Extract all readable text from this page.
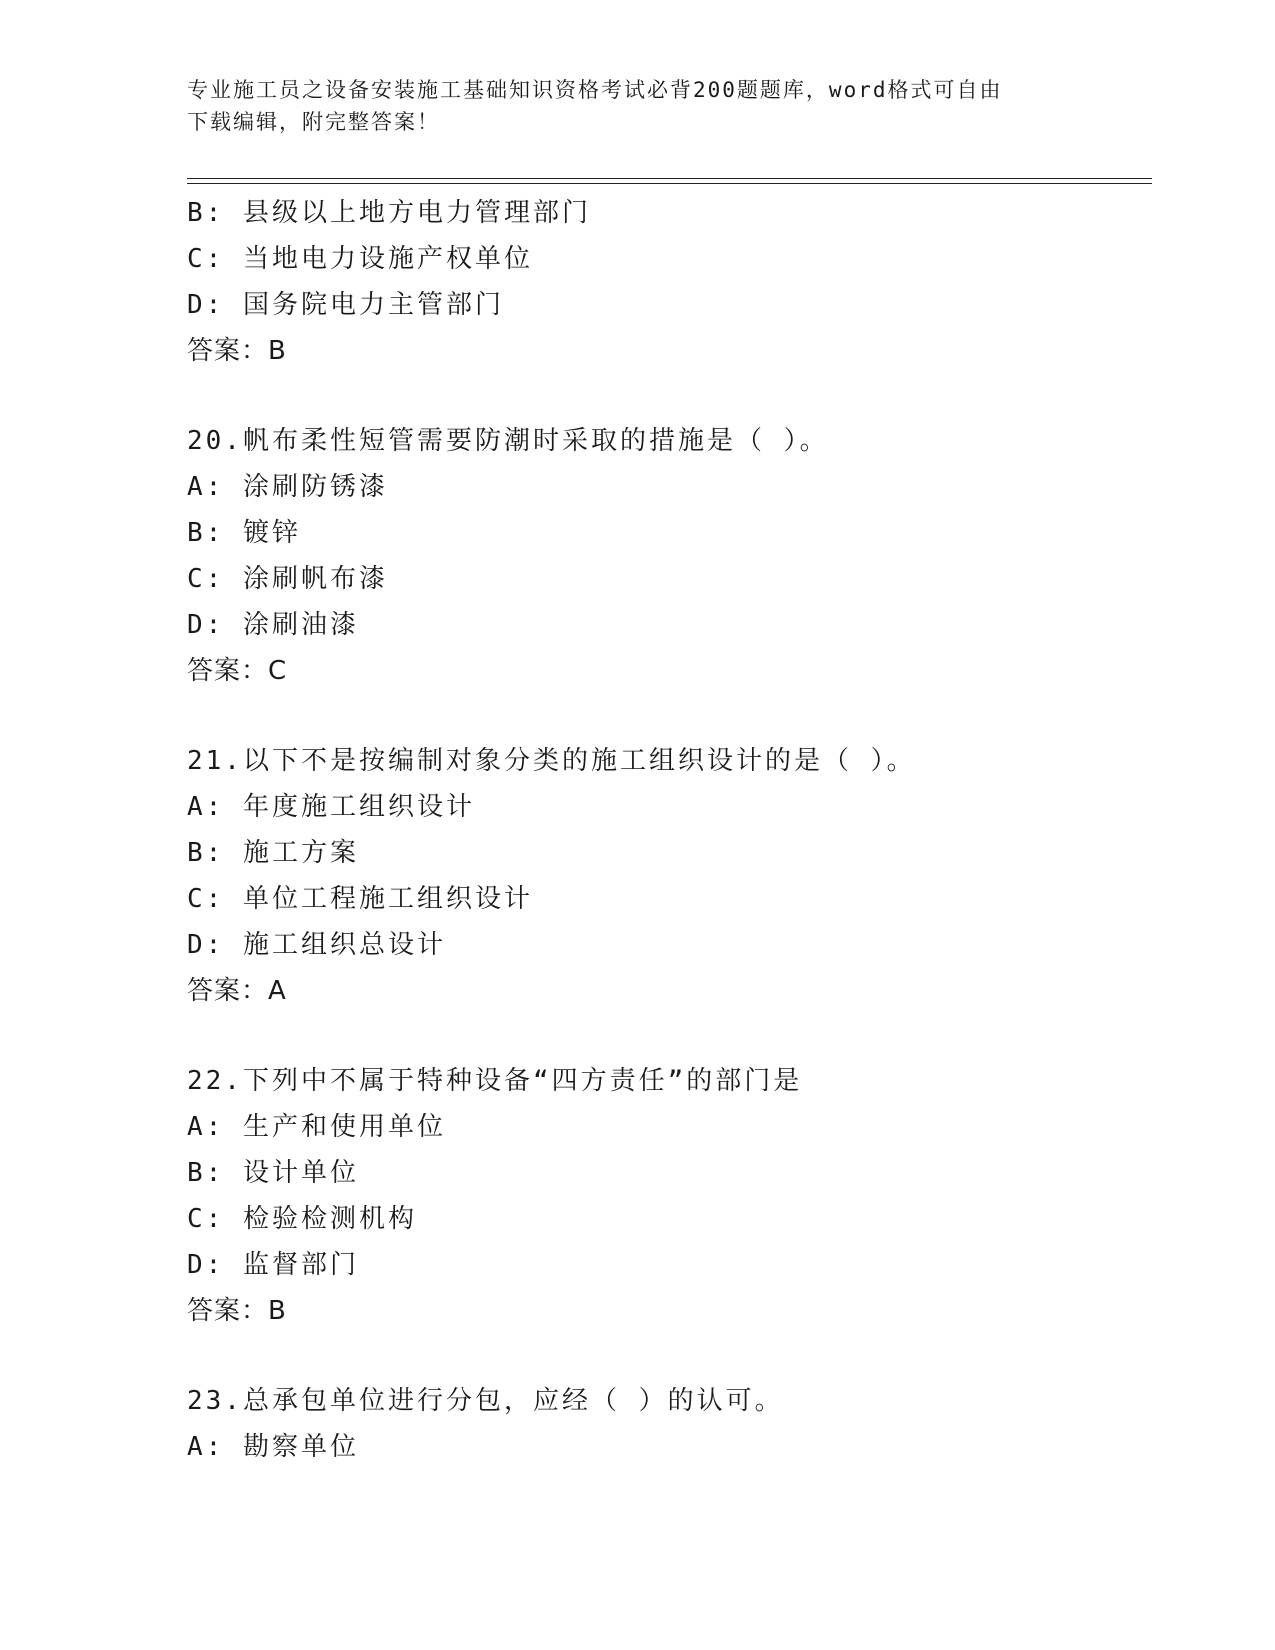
专业施工员之设备安装施工基础知识资格考试必背200题题库，word格式可自由
下载编辑，附完整答案！
B: 县级以上地方电力管理部门
C: 当地电力设施产权单位
D: 国务院电力主管部门
答案：B
20.帆布柔性短管需要防潮时采取的措施是（ ）。
A: 涂刷防锈漆
B: 镀锌
C: 涂刷帆布漆
D: 涂刷油漆
答案：C
21.以下不是按编制对象分类的施工组织设计的是（ ）。
A: 年度施工组织设计
B: 施工方案
C: 单位工程施工组织设计
D: 施工组织总设计
答案：A
22.下列中不属于特种设备“四方责任”的部门是
A: 生产和使用单位
B: 设计单位
C: 检验检测机构
D: 监督部门
答案：B
23.总承包单位进行分包，应经（ ）的认可。
A: 勘察单位
